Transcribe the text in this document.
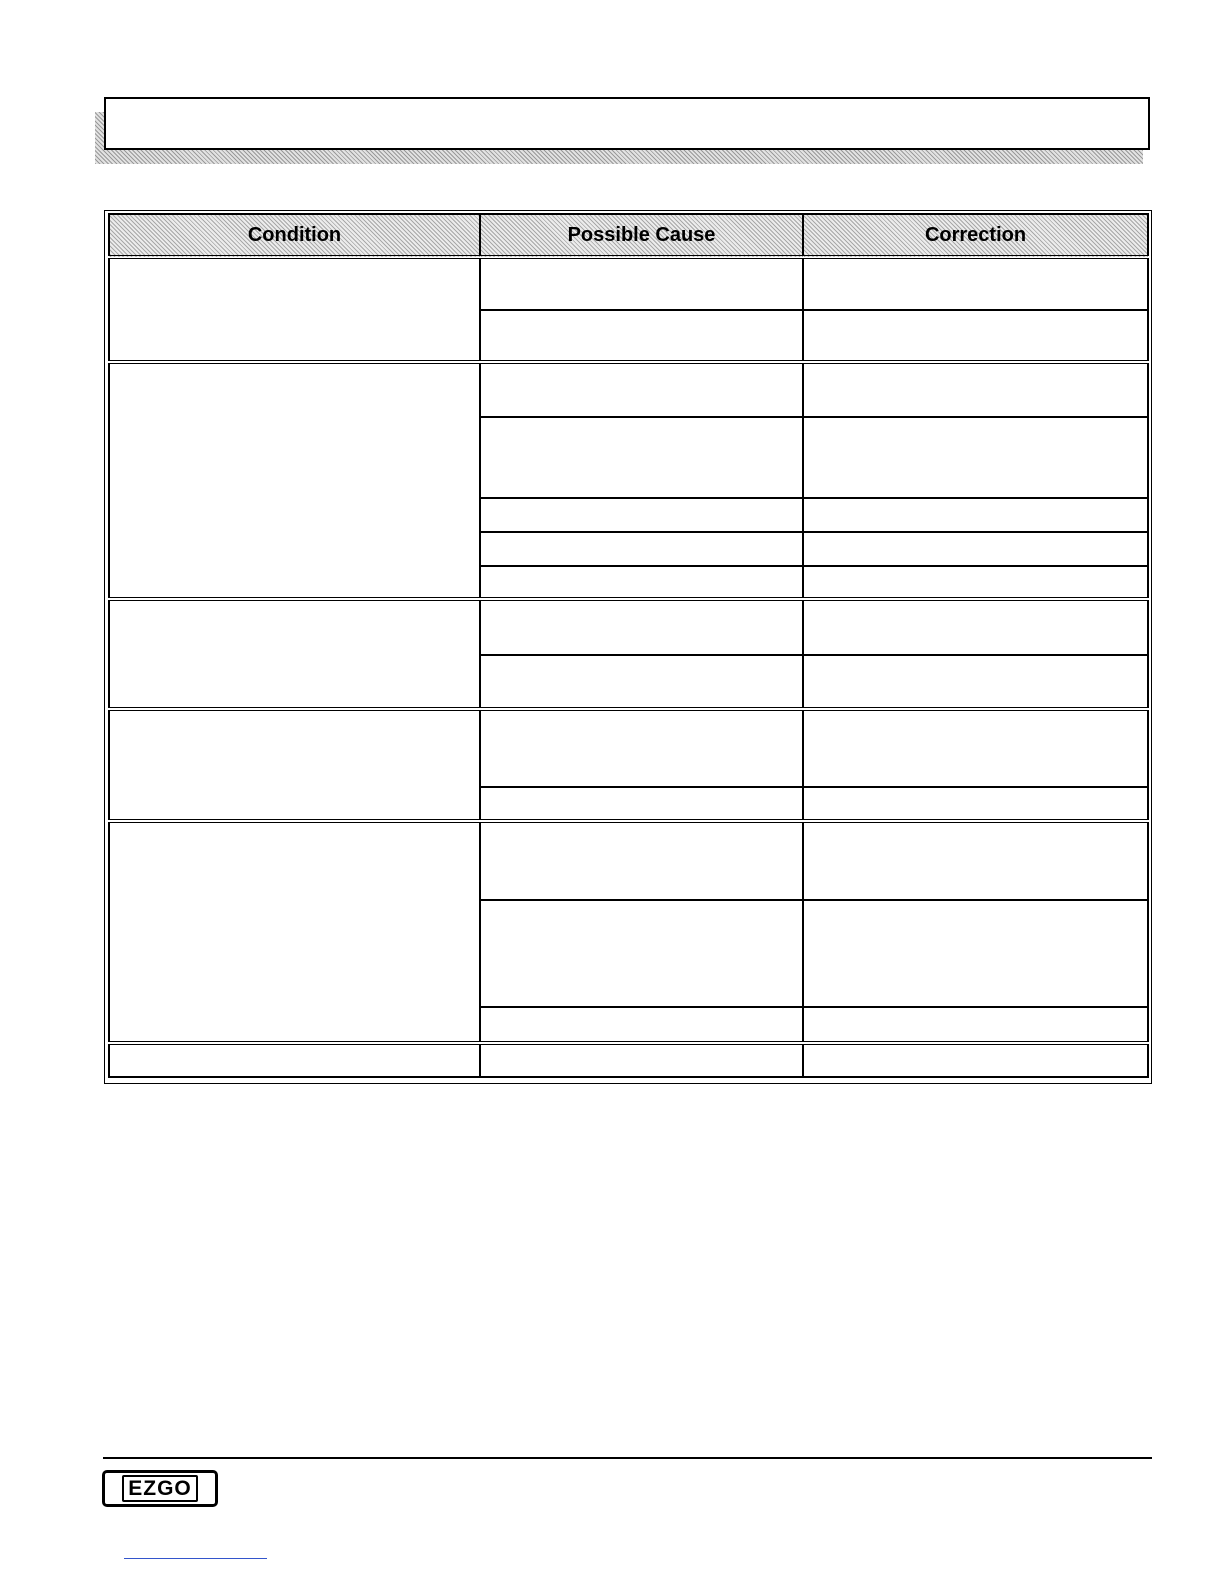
Condition	Possible Cause	Correction

EZGO
